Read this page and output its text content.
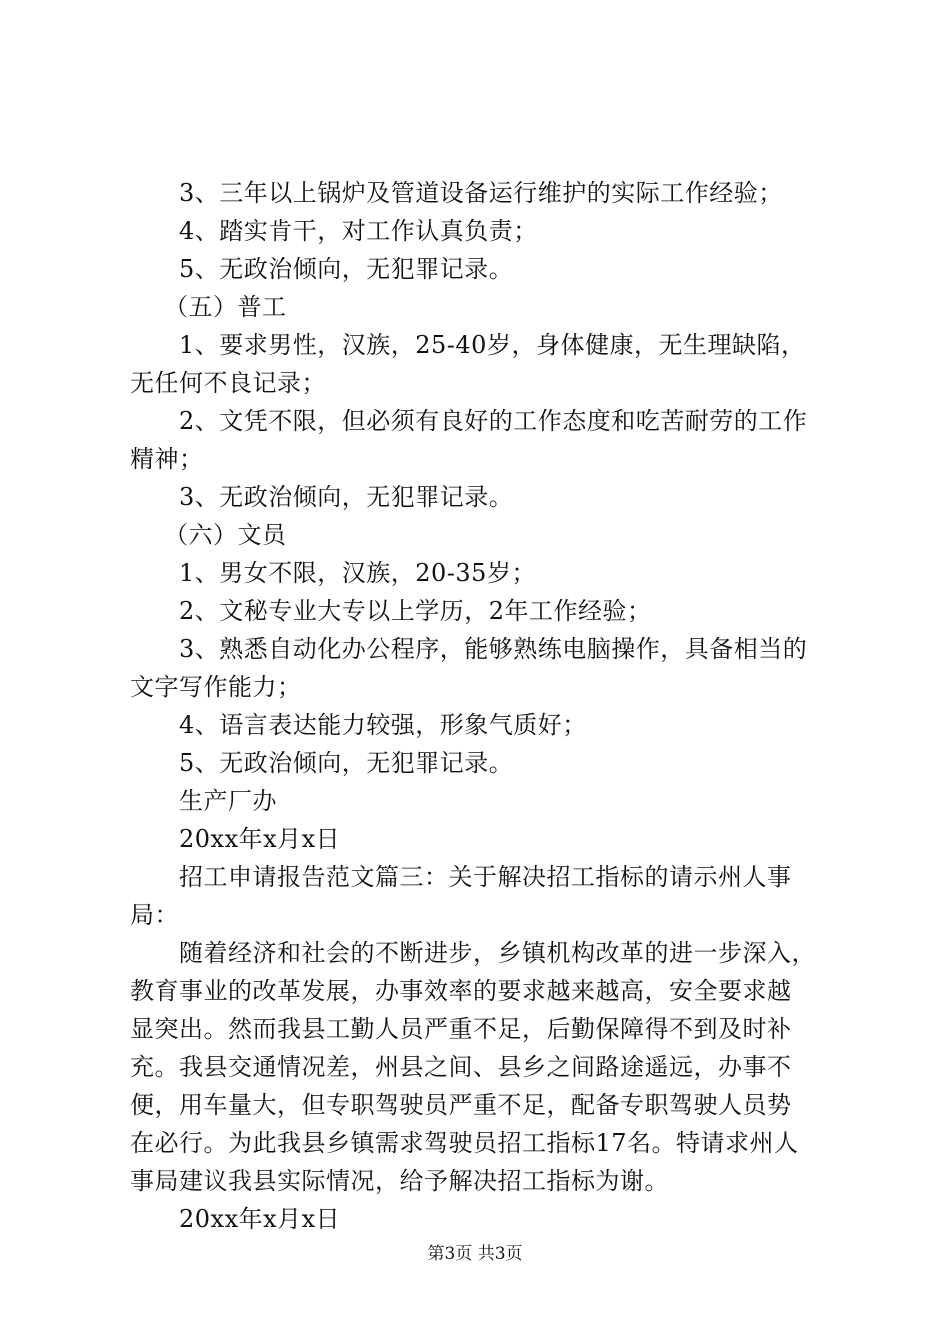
3、三年以上锅炉及管道设备运行维护的实际工作经验；
4、踏实肯干，对工作认真负责；
5、无政治倾向，无犯罪记录。
（五）普工
1、要求男性，汉族，25-40岁，身体健康，无生理缺陷，
无任何不良记录；
2、文凭不限，但必须有良好的工作态度和吃苦耐劳的工作
精神；
3、无政治倾向，无犯罪记录。
（六）文员
1、男女不限，汉族，20-35岁；
2、文秘专业大专以上学历，2年工作经验；
3、熟悉自动化办公程序，能够熟练电脑操作，具备相当的
文字写作能力；
4、语言表达能力较强，形象气质好；
5、无政治倾向，无犯罪记录。
生产厂办
20xx年x月x日
招工申请报告范文篇三：关于解决招工指标的请示州人事
局：
随着经济和社会的不断进步，乡镇机构改革的进一步深入，
教育事业的改革发展，办事效率的要求越来越高，安全要求越
显突出。然而我县工勤人员严重不足，后勤保障得不到及时补
充。我县交通情况差，州县之间、县乡之间路途遥远，办事不
便，用车量大，但专职驾驶员严重不足，配备专职驾驶人员势
在必行。为此我县乡镇需求驾驶员招工指标17名。特请求州人
事局建议我县实际情况，给予解决招工指标为谢。
20xx年x月x日
第3页 共3页
